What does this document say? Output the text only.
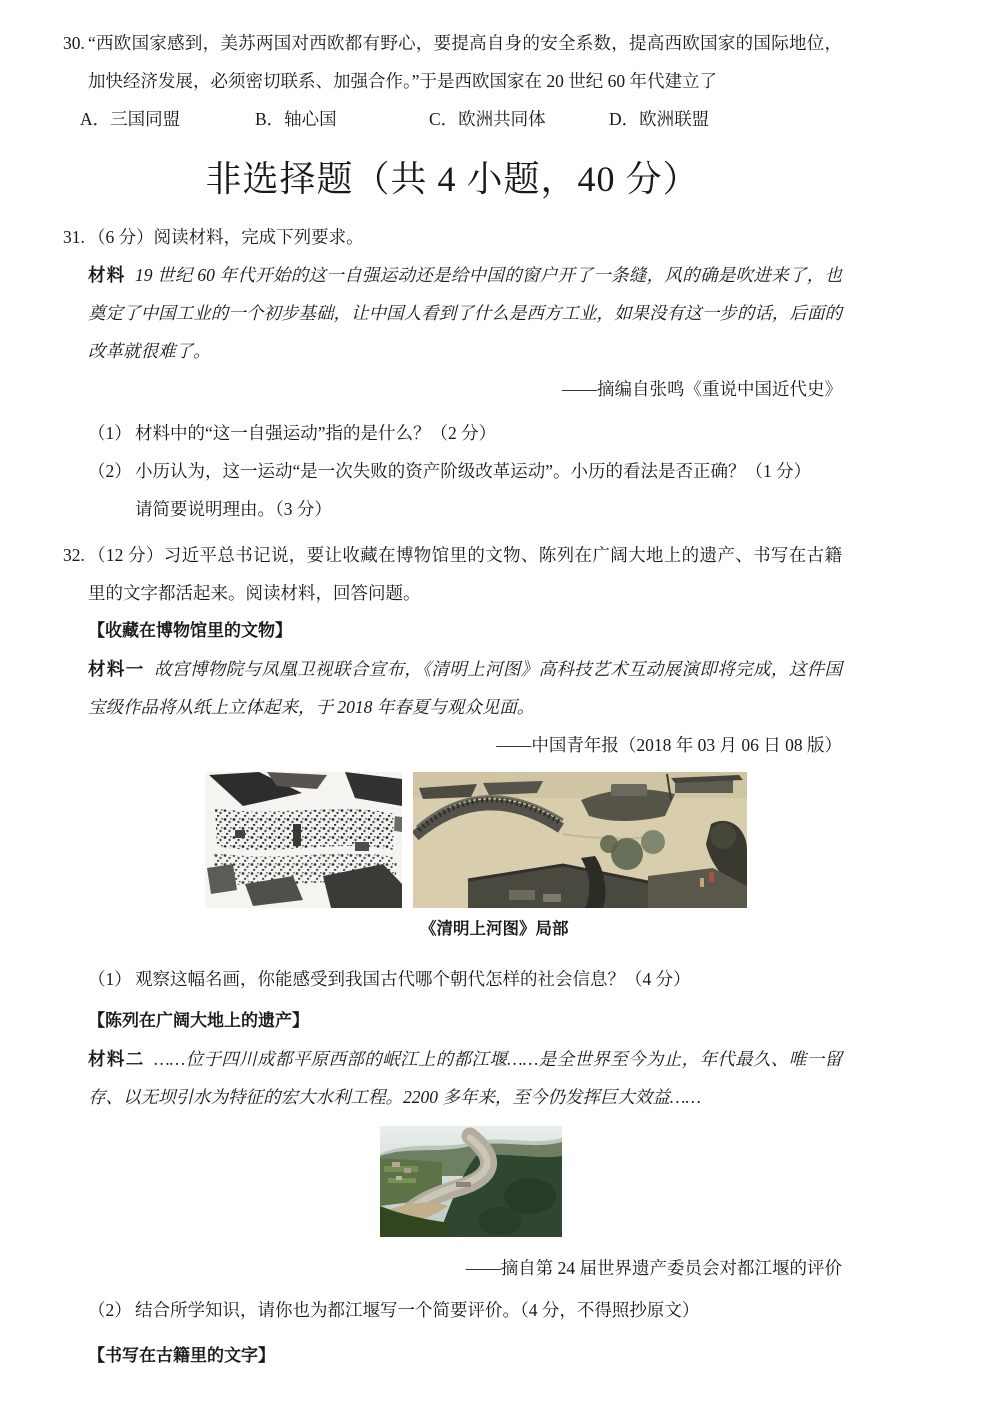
30. “西欧国家感到，美苏两国对西欧都有野心，要提高自身的安全系数，提高西欧国家的国际地位，加快经济发展，必须密切联系、加强合作。”于是西欧国家在 20 世纪 60 年代建立了
A．三国同盟	B．轴心国	C．欧洲共同体	D．欧洲联盟
非选择题（共 4 小题，40 分）
31. （6 分）阅读材料，完成下列要求。
材料 19 世纪 60 年代开始的这一自强运动还是给中国的窗户开了一条缝，风的确是吹进来了，也奠定了中国工业的一个初步基础，让中国人看到了什么是西方工业，如果没有这一步的话，后面的改革就很难了。
——摘编自张鸣《重说中国近代史》
（1） 材料中的“这一自强运动”指的是什么？（2 分）
（2） 小历认为，这一运动“是一次失败的资产阶级改革运动”。小历的看法是否正确？（1 分）
请简要说明理由。（3 分）
32. （12 分）习近平总书记说，要让收藏在博物馆里的文物、陈列在广阔大地上的遗产、书写在古籍里的文字都活起来。阅读材料，回答问题。
【收藏在博物馆里的文物】
材料一 故宫博物院与凤凰卫视联合宣布，《清明上河图》高科技艺术互动展演即将完成，这件国宝级作品将从纸上立体起来，于 2018 年春夏与观众见面。
——中国青年报（2018 年 03 月 06 日 08 版）
《清明上河图》局部
（1） 观察这幅名画，你能感受到我国古代哪个朝代怎样的社会信息？（4 分）
【陈列在广阔大地上的遗产】
材料二 ……位于四川成都平原西部的岷江上的都江堰……是全世界至今为止，年代最久、唯一留存、以无坝引水为特征的宏大水利工程。2200 多年来，至今仍发挥巨大效益……
——摘自第 24 届世界遗产委员会对都江堰的评价
（2） 结合所学知识，请你也为都江堰写一个简要评价。（4 分，不得照抄原文）
【书写在古籍里的文字】
